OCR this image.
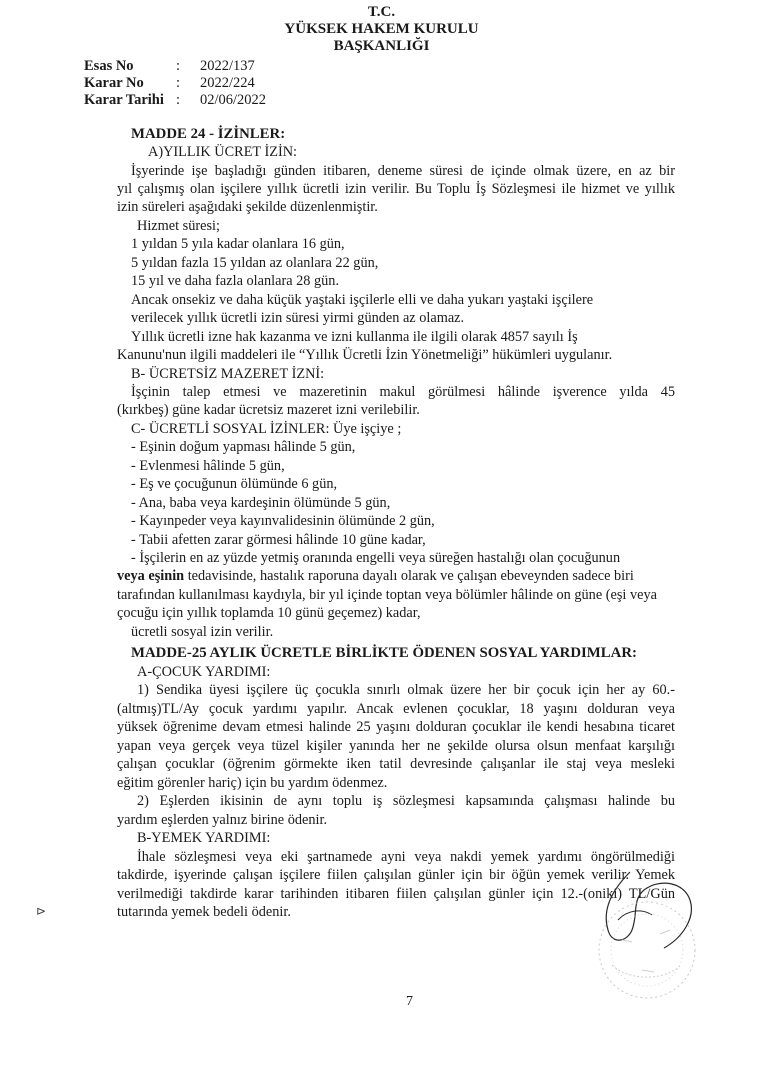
T.C.
YÜKSEK HAKEM KURULU
BAŞKANLIĞI
Esas No	: 2022/137
Karar No : 2022/224
Karar Tarihi : 02/06/2022
MADDE 24 - İZİNLER:
A)YILLIK ÜCRET İZİN:
İşyerinde işe başladığı günden itibaren, deneme süresi de içinde olmak üzere, en az bir
yıl çalışmış olan işçilere yıllık ücretli izin verilir. Bu Toplu İş Sözleşmesi ile hizmet ve yıllık
izin süreleri aşağıdaki şekilde düzenlenmiştir.
Hizmet süresi;
1 yıldan 5 yıla kadar olanlara 16 gün,
5 yıldan fazla 15 yıldan az olanlara 22 gün,
15 yıl ve daha fazla olanlara 28 gün.
Ancak onsekiz ve daha küçük yaştaki işçilerle elli ve daha yukarı yaştaki işçilere
verilecek yıllık ücretli izin süresi yirmi günden az olamaz.
Yıllık ücretli izne hak kazanma ve izni kullanma ile ilgili olarak 4857 sayılı İş
Kanunu'nun ilgili maddeleri ile “Yıllık Ücretli İzin Yönetmeliği” hükümleri uygulanır.
B- ÜCRETSİZ MAZERET İZNİ:
İşçinin talep etmesi ve mazeretinin makul görülmesi hâlinde işverence yılda 45
(kırkbeş) güne kadar ücretsiz mazeret izni verilebilir.
C- ÜCRETLİ SOSYAL İZİNLER: Üye işçiye ;
- Eşinin doğum yapması hâlinde 5 gün,
- Evlenmesi hâlinde 5 gün,
- Eş ve çocuğunun ölümünde 6 gün,
- Ana, baba veya kardeşinin ölümünde 5 gün,
- Kayınpeder veya kayınvalidesinin ölümünde 2 gün,
- Tabii afetten zarar görmesi hâlinde 10 güne kadar,
- İşçilerin en az yüzde yetmiş oranında engelli veya süreğen hastalığı olan çocuğunun
veya eşinin tedavisinde, hastalık raporuna dayalı olarak ve çalışan ebeveynden sadece biri
tarafından kullanılması kaydıyla, bir yıl içinde toptan veya bölümler hâlinde on güne (eşi veya
çocuğu için yıllık toplamda 10 günü geçemez) kadar,
ücretli sosyal izin verilir.
MADDE-25 AYLIK ÜCRETLE BİRLİKTE ÖDENEN SOSYAL YARDIMLAR:
A-ÇOCUK YARDIMI:
1) Sendika üyesi işçilere üç çocukla sınırlı olmak üzere her bir çocuk için her ay 60.-
(altmış)TL/Ay çocuk yardımı yapılır. Ancak evlenen çocuklar, 18 yaşını dolduran veya
yüksek öğrenime devam etmesi halinde 25 yaşını dolduran çocuklar ile kendi hesabına ticaret
yapan veya gerçek veya tüzel kişiler yanında her ne şekilde olursa olsun menfaat karşılığı
çalışan çocuklar (öğrenim görmekte iken tatil devresinde çalışanlar ile staj veya mesleki
eğitim görenler hariç) için bu yardım ödenmez.
2) Eşlerden ikisinin de aynı toplu iş sözleşmesi kapsamında çalışması halinde bu
yardım eşlerden yalnız birine ödenir.
B-YEMEK YARDIMI:
İhale sözleşmesi veya eki şartnamede ayni veya nakdi yemek yardımı öngörülmediği
takdirde, işyerinde çalışan işçilere fiilen çalışılan günler için bir öğün yemek verilir. Yemek
verilmediği takdirde karar tarihinden itibaren fiilen çalışılan günler için 12.-(oniki) TL/Gün
tutarında yemek bedeli ödenir.
⊳
7
